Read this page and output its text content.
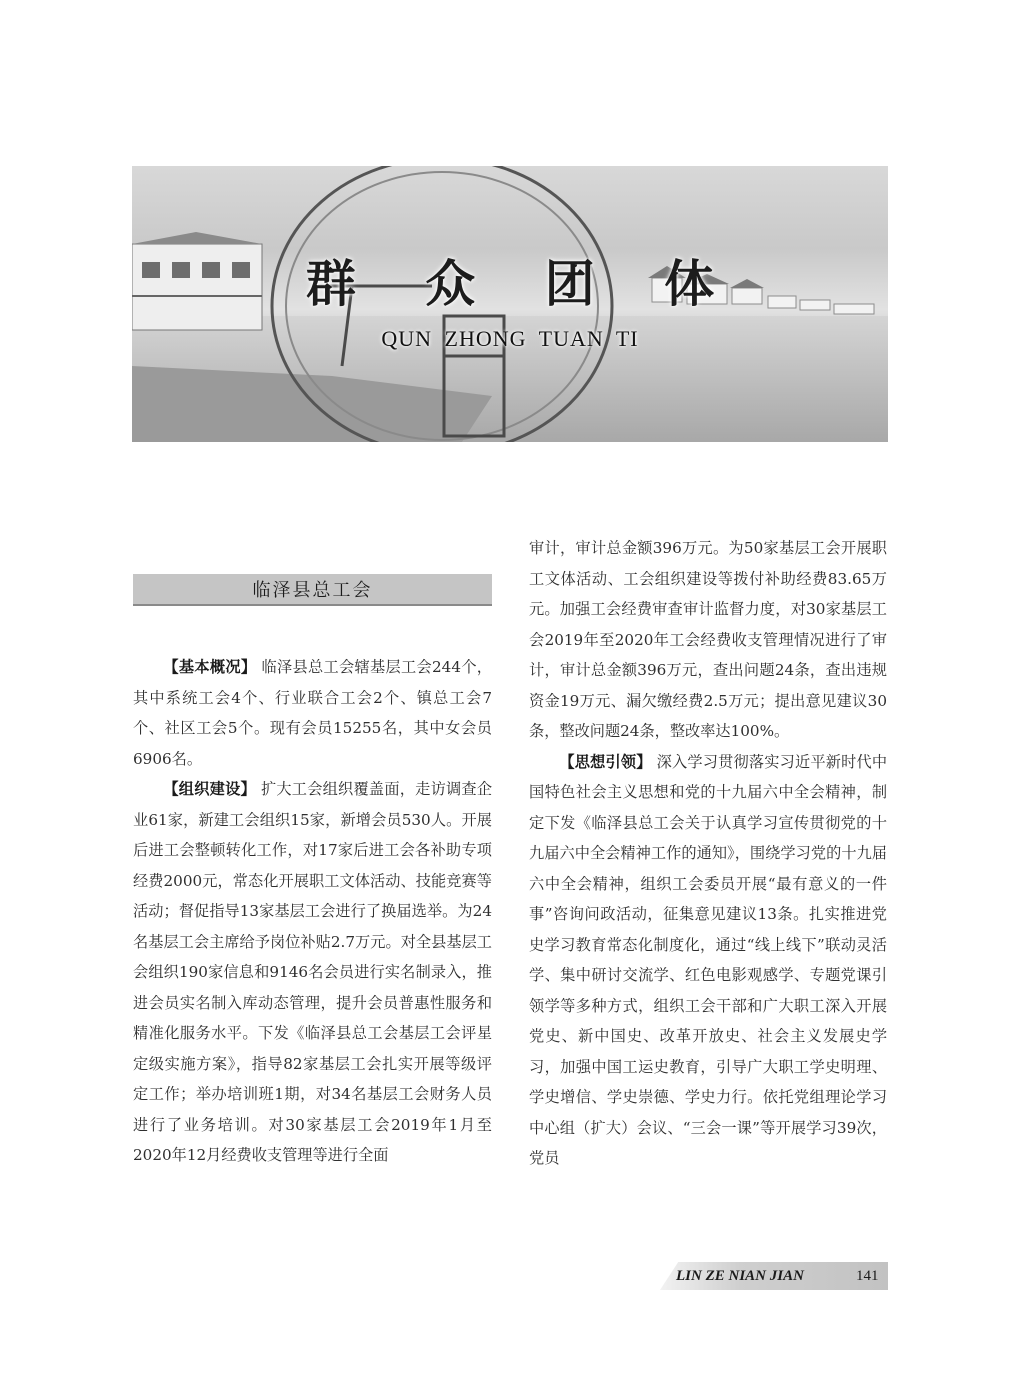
群 众 团 体
QUN ZHONG TUAN TI
临泽县总工会

【基本概况】 临泽县总工会辖基层工会244个，其中系统工会4个、行业联合工会2个、镇总工会7个、社区工会5个。现有会员15255名，其中女会员6906名。

【组织建设】 扩大工会组织覆盖面，走访调查企业61家，新建工会组织15家，新增会员530人。开展后进工会整顿转化工作，对17家后进工会各补助专项经费2000元，常态化开展职工文体活动、技能竞赛等活动；督促指导13家基层工会进行了换届选举。为24名基层工会主席给予岗位补贴2.7万元。对全县基层工会组织190家信息和9146名会员进行实名制录入，推进会员实名制入库动态管理，提升会员普惠性服务和精准化服务水平。下发《临泽县总工会基层工会评星定级实施方案》，指导82家基层工会扎实开展等级评定工作；举办培训班1期，对34名基层工会财务人员进行了业务培训。对30家基层工会2019年1月至2020年12月经费收支管理等进行全面

审计，审计总金额396万元。为50家基层工会开展职工文体活动、工会组织建设等拨付补助经费83.65万元。加强工会经费审查审计监督力度，对30家基层工会2019年至2020年工会经费收支管理情况进行了审计，审计总金额396万元，查出问题24条，查出违规资金19万元、漏欠缴经费2.5万元；提出意见建议30条，整改问题24条，整改率达100%。

【思想引领】 深入学习贯彻落实习近平新时代中国特色社会主义思想和党的十九届六中全会精神，制定下发《临泽县总工会关于认真学习宣传贯彻党的十九届六中全会精神工作的通知》，围绕学习党的十九届六中全会精神，组织工会委员开展“最有意义的一件事”咨询问政活动，征集意见建议13条。扎实推进党史学习教育常态化制度化，通过“线上线下”联动灵活学、集中研讨交流学、红色电影观感学、专题党课引领学等多种方式，组织工会干部和广大职工深入开展党史、新中国史、改革开放史、社会主义发展史学习，加强中国工运史教育，引导广大职工学史明理、学史增信、学史崇德、学史力行。依托党组理论学习中心组（扩大）会议、“三会一课”等开展学习39次，党员

LIN ZE NIAN JIAN	141
